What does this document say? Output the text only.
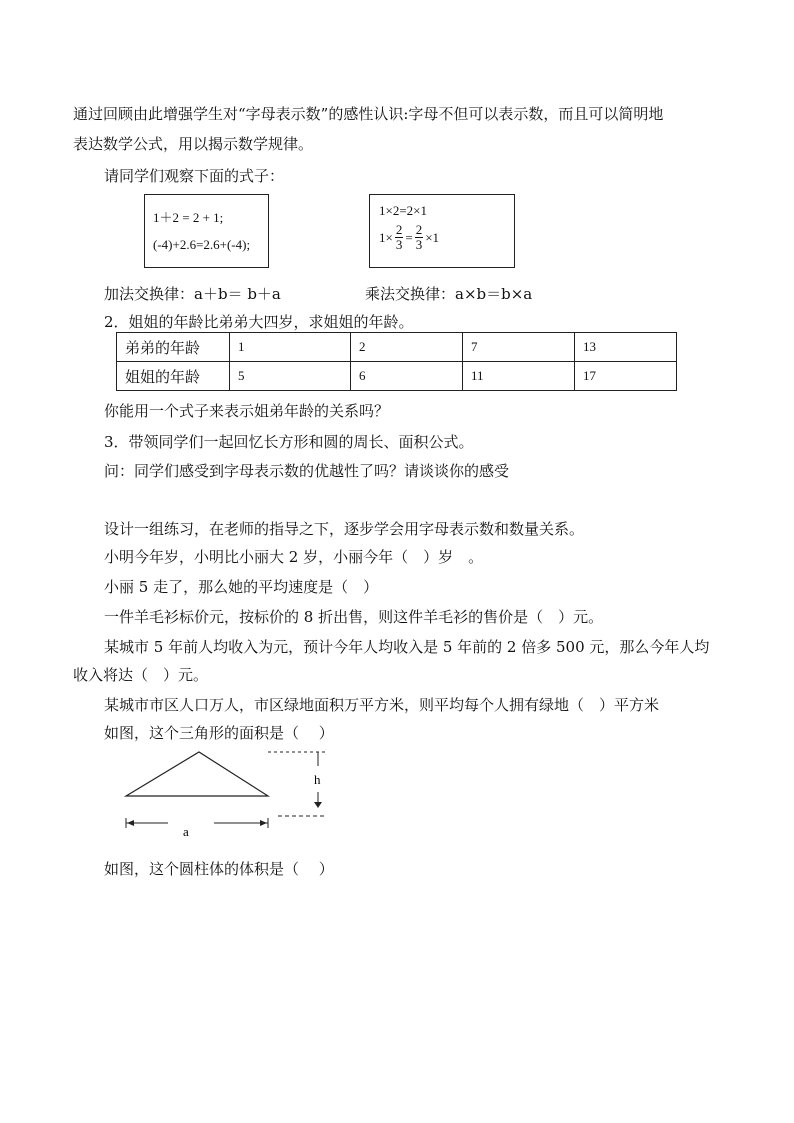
通过回顾由此增强学生对“字母表示数”的感性认识:字母不但可以表示数，而且可以简明地
表达数学公式，用以揭示数学规律。
请同学们观察下面的式子：
1＋2 = 2 + 1;
(-4)+2.6=2.6+(-4);
1×2=2×1
$1\times \frac{2}{3} = \frac{2}{3} \times 1$
加法交换律：a＋b＝ b＋a	乘法交换律：a×b＝b×a
2．姐姐的年龄比弟弟大四岁，求姐姐的年龄。
弟弟的年龄	1	2	7	13
姐姐的年龄	5	6	11	17
你能用一个式子来表示姐弟年龄的关系吗？
3．带领同学们一起回忆长方形和圆的周长、面积公式。
问：同学们感受到字母表示数的优越性了吗？请谈谈你的感受
设计一组练习，在老师的指导之下，逐步学会用字母表示数和数量关系。
小明今年岁，小明比小丽大 2 岁，小丽今年（　）岁　。
小丽 5 走了，那么她的平均速度是（　）
一件羊毛衫标价元，按标价的 8 折出售，则这件羊毛衫的售价是（　）元。
某城市 5 年前人均收入为元，预计今年人均收入是 5 年前的 2 倍多 500 元，那么今年人均
收入将达（　）元。
某城市市区人口万人，市区绿地面积万平方米，则平均每个人拥有绿地（　）平方米
如图，这个三角形的面积是（　 ）
h
a
如图，这个圆柱体的体积是（　 ）
